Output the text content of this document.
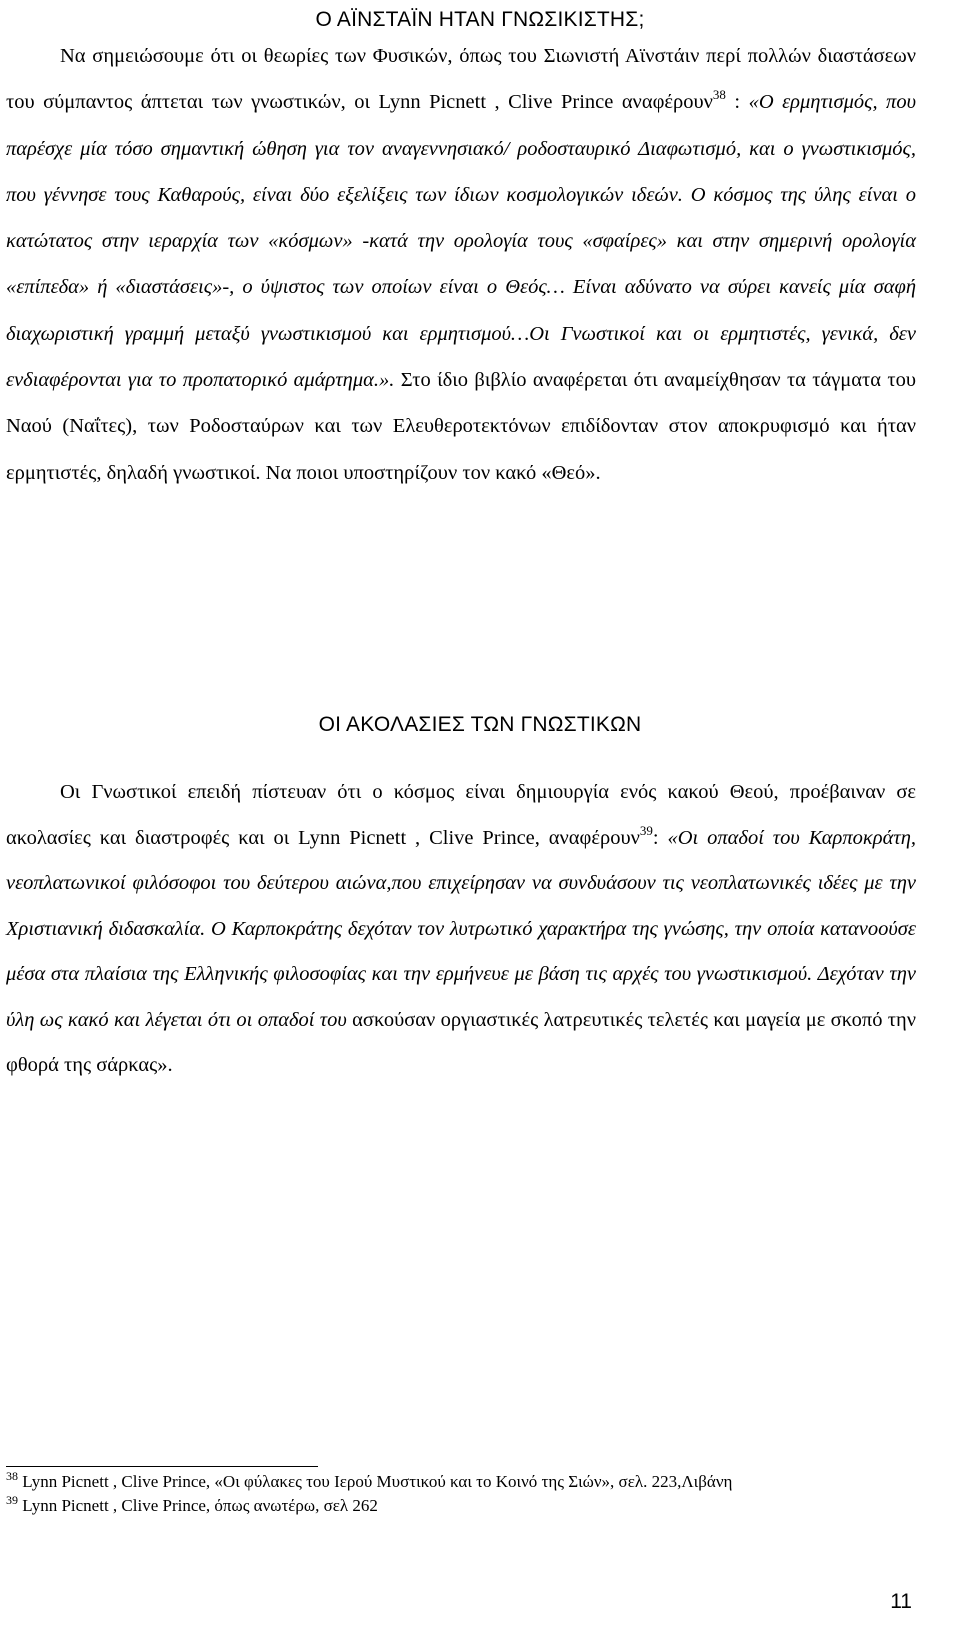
Ο ΑΪΝΣΤΑΪΝ ΗΤΑΝ ΓΝΩΣΙΚΙΣΤΗΣ;

Να σημειώσουμε ότι οι θεωρίες των Φυσικών, όπως του Σιωνιστή Αϊνστάιν περί πολλών διαστάσεων του σύμπαντος άπτεται των γνωστικών, οι Lynn Picnett , Clive Prince αναφέρουν$^{38}$ : «Ο ερμητισμός, που παρέσχε μία τόσο σημαντική ώθηση για τον αναγεννησιακό/ ροδοσταυρικό Διαφωτισμό, και ο γνωστικισμός, που γέννησε τους Καθαρούς, είναι δύο εξελίξεις των ίδιων κοσμολογικών ιδεών. Ο κόσμος της ύλης είναι ο κατώτατος στην ιεραρχία των «κόσμων» -κατά την ορολογία τους «σφαίρες» και στην σημερινή ορολογία «επίπεδα» ή «διαστάσεις»-, ο ύψιστος των οποίων είναι ο Θεός… Είναι αδύνατο να σύρει κανείς μία σαφή διαχωριστική γραμμή μεταξύ γνωστικισμού και ερμητισμού…Οι Γνωστικοί και οι ερμητιστές, γενικά, δεν ενδιαφέρονται για το προπατορικό αμάρτημα.». Στο ίδιο βιβλίο αναφέρεται ότι αναμείχθησαν τα τάγματα του Ναού (Ναΐτες), των Ροδοσταύρων και των Ελευθεροτεκτόνων επιδίδονταν στον αποκρυφισμό και ήταν ερμητιστές, δηλαδή γνωστικοί. Να ποιοι υποστηρίζουν τον κακό «Θεό».

ΟΙ ΑΚΟΛΑΣΙΕΣ ΤΩΝ ΓΝΩΣΤΙΚΩΝ

Οι Γνωστικοί επειδή πίστευαν ότι ο κόσμος είναι δημιουργία ενός κακού Θεού, προέβαιναν σε ακολασίες και διαστροφές και οι Lynn Picnett , Clive Prince, αναφέρουν$^{39}$: «Οι οπαδοί του Καρποκράτη, νεοπλατωνικοί φιλόσοφοι του δεύτερου αιώνα,που επιχείρησαν να συνδυάσουν τις νεοπλατωνικές ιδέες με την Χριστιανική διδασκαλία. Ο Καρποκράτης δεχόταν τον λυτρωτικό χαρακτήρα της γνώσης, την οποία κατανοούσε μέσα στα πλαίσια της Ελληνικής φιλοσοφίας και την ερμήνευε με βάση τις αρχές του γνωστικισμού. Δεχόταν την ύλη ως κακό και λέγεται ότι οι οπαδοί του ασκούσαν οργιαστικές λατρευτικές τελετές και μαγεία με σκοπό την φθορά της σάρκας».

$^{38}$ Lynn Picnett , Clive Prince, «Οι φύλακες του Ιερού Μυστικού και το Κοινό της Σιών», σελ. 223,Λιβάνη

$^{39}$ Lynn Picnett , Clive Prince, όπως ανωτέρω, σελ 262

11
